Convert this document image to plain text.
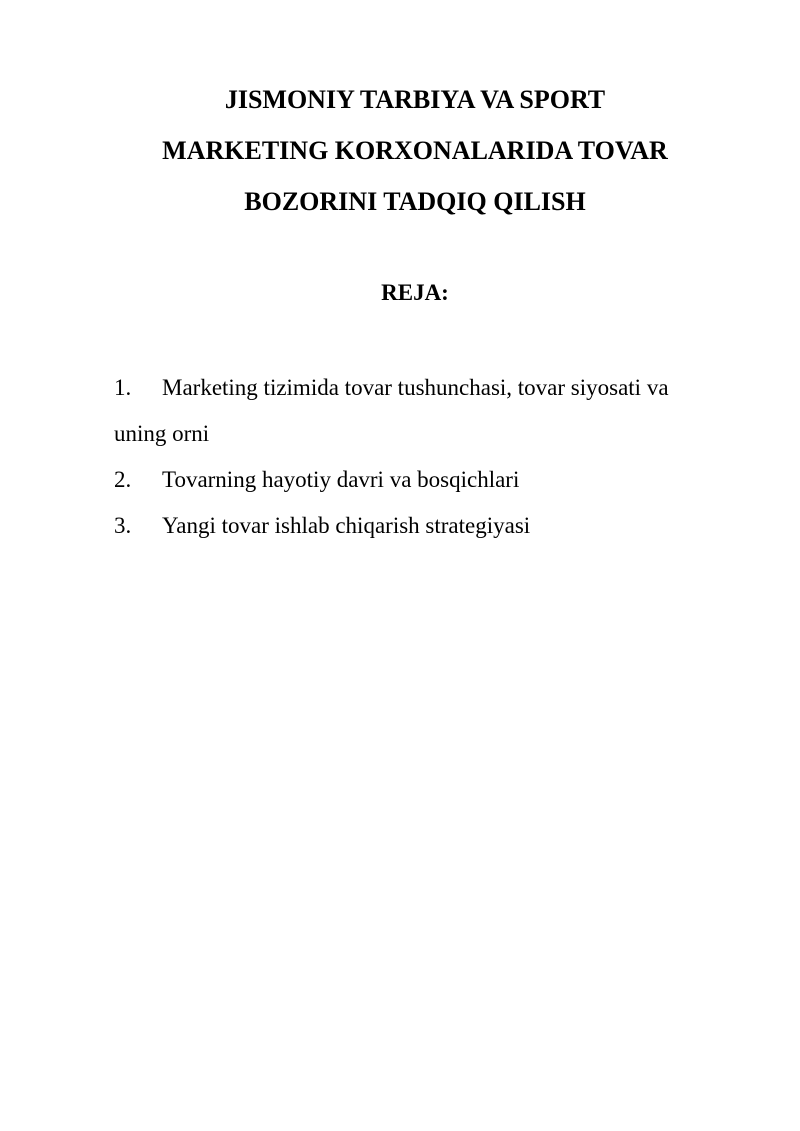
JISMONIY TARBIYA VA SPORT
MARKETING KORXONALARIDA TOVAR
BOZORINI TADQIQ QILISH
REJA:
1. Marketing tizimida tovar tushunchasi, tovar siyosati va uning orni
2. Tovarning hayotiy davri va bosqichlari
3. Yangi tovar ishlab chiqarish strategiyasi
